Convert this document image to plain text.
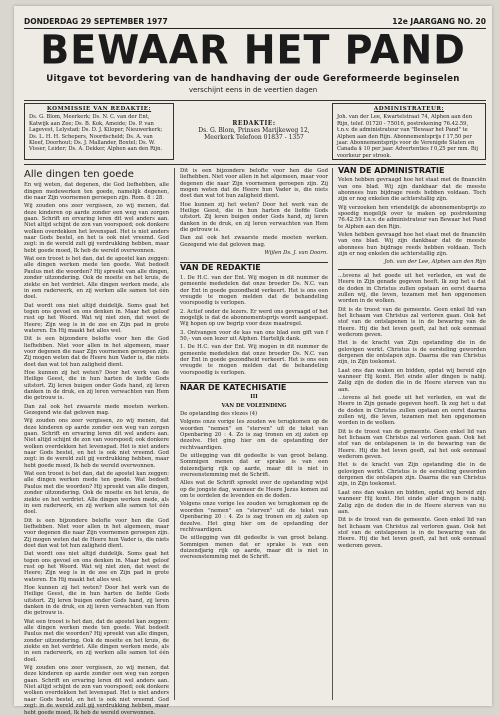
DONDERDAG 29 SEPTEMBER 1977	12e JAARGANG NO. 20
BEWAAR HET PAND
Uitgave tot bevordering van de handhaving der oude Gereformeerde beginselen
verschijnt eens in de veertien dagen
KOMMISSIE VAN REDAKTIE:
Ds. G. Blom, Meerkerk; Ds. N. C. van der Ent, Katwijk aan Zee; Ds. B. Kok, Ameide; Ds. P. van Lagevest, Lelystad; Ds. D. J. Kiloper, Nieuwerkerk; Ds. L. H. H. Schepers, Noordscheld; Ds. A. van Kleef, Doorhout; Ds. J. Mallander, Boxtel; Ds. W. Visser, Leider; Ds. A. Dekker, Alphen aan den Rijn.
REDAKTIE:
Ds. G. Blom, Prinses Marijkeweg 12, Meerkerk Telefoon 01837 - 1357
ADMINISTRATEUR:
Joh. van der Lee, Kwartelstraat 74, Alphen aan den Rijn, telef. 01720 - 75016, postrekening 76.42.59, t.n.v. de administrateur van "Bewaar het Pand" te Alphen aan den Rijn. Abonnementsprijs f 17,50 per jaar. Abonnementsprijs voor de Verenigde Staten en Canada $ 10 per jaar. Advertenties f 0,25 per mm. Bij voorkeur per strook.
Alle dingen ten goede

En wij weten, dat degenen, die God liefhebben, alle dingen medewerken ten goede, namelijk degenen, die naar Zijn voornemen geroepen zijn. Rom. 8 : 28.

Wij zouden ons zeer vergissen, zo wij menen, dat deze kinderen op aarde zonder een weg van zorgen gaan. Schrift en ervaring leren dit wel anders aan. Niet altijd schijnt de zon van voorspoed; ook donkere wolken overdekken het levenspad. Het is niet anders naar Gods bestel, en het is ook niet vreemd. God zegt: in de wereld zult gij verdrukking hebben, maar hebt goede moed, Ik heb de wereld overwonnen.

Wat een troost is het dan, dat de apostel kan zeggen: alle dingen werken mede ten goede. Wat bedoelt Paulus met die woorden? Hij spreekt van alle dingen, zonder uitzondering. Ook de moeite en het kruis, de ziekte en het verdriet. Alle dingen werken mede, als in een raderwerk, en zij werken alle samen tot één doel.

Dat wordt ons niet altijd duidelijk. Soms gaat het tegen ons gevoel en ons denken in. Maar het geloof rust op het Woord. Wat wij niet zien, dat weet de Heere; Zijn weg is in de zee en Zijn pad in grote wateren. En Hij maakt het alles wel.

Dit is een bijzondere belofte voor hen die God liefhebben. Niet voor allen in het algemeen, maar voor degenen die naar Zijn voornemen geroepen zijn. Zij mogen weten dat de Heere hun Vader is, die niets doet dan wat tot hun zaligheid dient.

Hoe kunnen zij het weten? Door het werk van de Heilige Geest, die in hun harten de liefde Gods uitstort. Zij leren buigen onder Gods hand, zij leren danken in de druk, en zij leren verwachten van Hem die getrouw is.

Dan zal ook het zwaarste mede moeten werken. Gezegend wie dat geloven mag.

Wij zouden ons zeer vergissen, zo wij menen, dat deze kinderen op aarde zonder een weg van zorgen gaan. Schrift en ervaring leren dit wel anders aan. Niet altijd schijnt de zon van voorspoed; ook donkere wolken overdekken het levenspad. Het is niet anders naar Gods bestel, en het is ook niet vreemd. God zegt: in de wereld zult gij verdrukking hebben, maar hebt goede moed, Ik heb de wereld overwonnen.

Wat een troost is het dan, dat de apostel kan zeggen: alle dingen werken mede ten goede. Wat bedoelt Paulus met die woorden? Hij spreekt van alle dingen, zonder uitzondering. Ook de moeite en het kruis, de ziekte en het verdriet. Alle dingen werken mede, als in een raderwerk, en zij werken alle samen tot één doel.

Dit is een bijzondere belofte voor hen die God liefhebben. Niet voor allen in het algemeen, maar voor degenen die naar Zijn voornemen geroepen zijn. Zij mogen weten dat de Heere hun Vader is, die niets doet dan wat tot hun zaligheid dient.

Dat wordt ons niet altijd duidelijk. Soms gaat het tegen ons gevoel en ons denken in. Maar het geloof rust op het Woord. Wat wij niet zien, dat weet de Heere; Zijn weg is in de zee en Zijn pad in grote wateren. En Hij maakt het alles wel.

Hoe kunnen zij het weten? Door het werk van de Heilige Geest, die in hun harten de liefde Gods uitstort. Zij leren buigen onder Gods hand, zij leren danken in de druk, en zij leren verwachten van Hem die getrouw is.

Wat een troost is het dan, dat de apostel kan zeggen: alle dingen werken mede ten goede. Wat bedoelt Paulus met die woorden? Hij spreekt van alle dingen, zonder uitzondering. Ook de moeite en het kruis, de ziekte en het verdriet. Alle dingen werken mede, als in een raderwerk, en zij werken alle samen tot één doel.

Wij zouden ons zeer vergissen, zo wij menen, dat deze kinderen op aarde zonder een weg van zorgen gaan. Schrift en ervaring leren dit wel anders aan. Niet altijd schijnt de zon van voorspoed; ook donkere wolken overdekken het levenspad. Het is niet anders naar Gods bestel, en het is ook niet vreemd. God zegt: in de wereld zult gij verdrukking hebben, maar hebt goede moed, Ik heb de wereld overwonnen.

Dit is een bijzondere belofte voor hen die God liefhebben. Niet voor allen in het algemeen, maar voor degenen die naar Zijn voornemen geroepen zijn. Zij mogen weten dat de Heere hun Vader is, die niets doet dan wat tot hun zaligheid dient.

Hoe kunnen zij het weten? Door het werk van de Heilige Geest, die in hun harten de liefde Gods uitstort. Zij leren buigen onder Gods hand, zij leren danken in de druk, en zij leren verwachten van Hem die getrouw is.

Dan zal ook het zwaarste mede moeten werken. Gezegend wie dat geloven mag.

Wijlen Ds. J. van Doorn.

VAN DE REDAKTIE

1. De H.C. van der Ent. Wij mogen in dit nummer de gemeente mededelen dat onze broeder Ds. N.C. van der Ent in goede gezondheid verkeert. Het is ons een vreugde te mogen melden dat de behandeling voorspoedig is verlopen.

2. Actief onder de lezers. Er werd ons gevraagd of het mogelijk is dat de abonnementsprijs wordt aangepast. Wij hopen op uw begrip voor deze maatregel.

3. Ontvangen voor de kas van ons blad een gift van f 50,- van een lezer uit Alphen. Hartelijk dank.

1. De H.C. van der Ent. Wij mogen in dit nummer de gemeente mededelen dat onze broeder Ds. N.C. van der Ent in goede gezondheid verkeert. Het is ons een vreugde te mogen melden dat de behandeling voorspoedig is verlopen.

NAAR DE KATECHISATIE
III
VAN DE VOLEINDING
De opstanding des vlezes (4)

Volgens onze vorige les zouden we terugkomen op de woorden "nemen" en "sterven" uit de tekst van Openbaring 20 : 4. Zo is zag tronen en zij zaten op dezelve. Het ging hier om de opstanding der rechtvaardigen.

De uitlegging van dit gedeelte is van groot belang. Sommigen menen dat er sprake is van een duizendjarig rijk op aarde, maar dit is niet in overeenstemming met de Schrift.

Alles wat de Schrift spreekt over de opstanding wijst op de jongste dag, wanneer de Heere Jezus komen zal om te oordelen de levenden en de doden.

Volgens onze vorige les zouden we terugkomen op de woorden "nemen" en "sterven" uit de tekst van Openbaring 20 : 4. Zo is zag tronen en zij zaten op dezelve. Het ging hier om de opstanding der rechtvaardigen.

De uitlegging van dit gedeelte is van groot belang. Sommigen menen dat er sprake is van een duizendjarig rijk op aarde, maar dit is niet in overeenstemming met de Schrift.

VAN DE ADMINISTRATIE

Velen hebben gevraagd hoe het staat met de financiën van ons blad. Wij zijn dankbaar dat de meeste abonnees hun bijdrage reeds hebben voldaan. Toch zijn er nog enkelen die achterstallig zijn.

Wij verzoeken hen vriendelijk de abonnementsprijs zo spoedig mogelijk over te maken op postrekening 76.42.59 t.n.v. de administrateur van Bewaar het Pand te Alphen aan den Rijn.

Velen hebben gevraagd hoe het staat met de financiën van ons blad. Wij zijn dankbaar dat de meeste abonnees hun bijdrage reeds hebben voldaan. Toch zijn er nog enkelen die achterstallig zijn.

Joh. van der Lee, Alphen aan den Rijn

...tevens al het goede uit het verleden, en wat de Heere in Zijn genade gegeven heeft. Ik zeg het u dat de doden in Christus zullen opstaan en eerst daarna zullen wij, die leven, tezamen met hen opgenomen worden in de wolken.

Dit is de troost van de gemeente. Geen enkel lid van het lichaam van Christus zal verloren gaan. Ook het stof van de ontslapenen is in de bewaring van de Heere. Hij die het leven geeft, zal het ook eenmaal wederom geven.

Het is de kracht van Zijn opstanding die in de gelovigen werkt. Christus is de eersteling geworden dergenen die ontslapen zijn. Daarna die van Christus zijn, in Zijn toekomst.

Laat ons dan waken en bidden, opdat wij bereid zijn wanneer Hij komt. Het einde aller dingen is nabij. Zalig zijn de doden die in de Heere sterven van nu aan.

...tevens al het goede uit het verleden, en wat de Heere in Zijn genade gegeven heeft. Ik zeg het u dat de doden in Christus zullen opstaan en eerst daarna zullen wij, die leven, tezamen met hen opgenomen worden in de wolken.

Dit is de troost van de gemeente. Geen enkel lid van het lichaam van Christus zal verloren gaan. Ook het stof van de ontslapenen is in de bewaring van de Heere. Hij die het leven geeft, zal het ook eenmaal wederom geven.

Het is de kracht van Zijn opstanding die in de gelovigen werkt. Christus is de eersteling geworden dergenen die ontslapen zijn. Daarna die van Christus zijn, in Zijn toekomst.

Laat ons dan waken en bidden, opdat wij bereid zijn wanneer Hij komt. Het einde aller dingen is nabij. Zalig zijn de doden die in de Heere sterven van nu aan.

Dit is de troost van de gemeente. Geen enkel lid van het lichaam van Christus zal verloren gaan. Ook het stof van de ontslapenen is in de bewaring van de Heere. Hij die het leven geeft, zal het ook eenmaal wederom geven.
